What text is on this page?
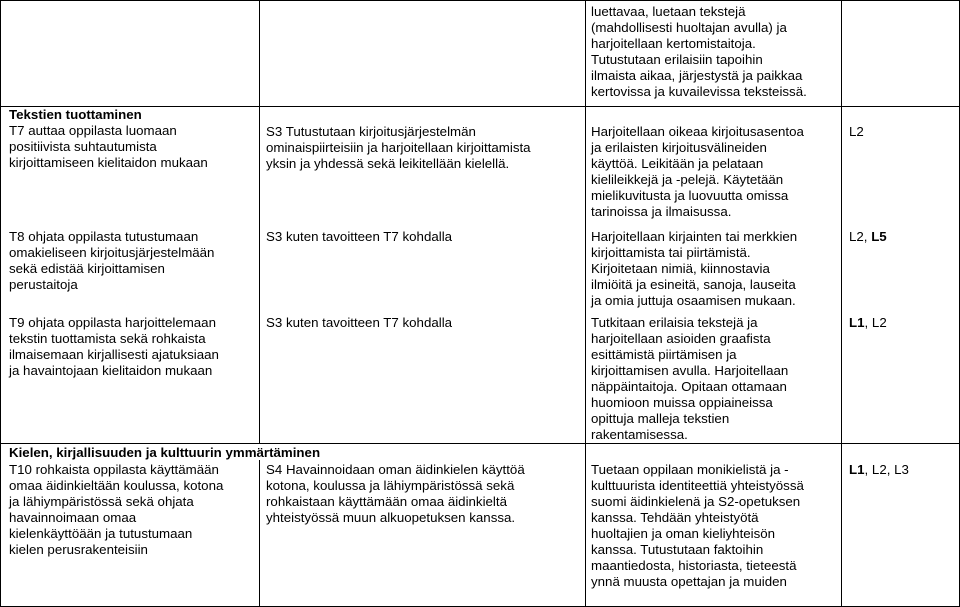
luettavaa, luetaan tekstejä
(mahdollisesti huoltajan avulla) ja
harjoitellaan kertomistaitoja.
Tutustutaan erilaisiin tapoihin
ilmaista aikaa, järjestystä ja paikkaa
kertovissa ja kuvailevissa teksteissä.
Tekstien tuottaminen
T7 auttaa oppilasta luomaan
positiivista suhtautumista
kirjoittamiseen kielitaidon mukaan
S3 Tutustutaan kirjoitusjärjestelmän
ominaispiirteisiin ja harjoitellaan kirjoittamista
yksin ja yhdessä sekä leikitellään kielellä.
Harjoitellaan oikeaa kirjoitusasentoa
ja erilaisten kirjoitusvälineiden
käyttöä. Leikitään ja pelataan
kielileikkejä ja -pelejä. Käytetään
mielikuvitusta ja luovuutta omissa
tarinoissa ja ilmaisussa.
L2
T8 ohjata oppilasta tutustumaan
omakieliseen kirjoitusjärjestelmään
sekä edistää kirjoittamisen
perustaitoja
S3 kuten tavoitteen T7 kohdalla	Harjoitellaan kirjainten tai merkkien
kirjoittamista tai piirtämistä.
Kirjoitetaan nimiä, kiinnostavia
ilmiöitä ja esineitä, sanoja, lauseita
ja omia juttuja osaamisen mukaan.
L2, L5
T9 ohjata oppilasta harjoittelemaan
tekstin tuottamista sekä rohkaista
ilmaisemaan kirjallisesti ajatuksiaan
ja havaintojaan kielitaidon mukaan
S3 kuten tavoitteen T7 kohdalla	Tutkitaan erilaisia tekstejä ja
harjoitellaan asioiden graafista
esittämistä piirtämisen ja
kirjoittamisen avulla. Harjoitellaan
näppäintaitoja. Opitaan ottamaan
huomioon muissa oppiaineissa
opittuja malleja tekstien
rakentamisessa.
L1, L2
Kielen, kirjallisuuden ja kulttuurin ymmärtäminen
T10 rohkaista oppilasta käyttämään
omaa äidinkieltään koulussa, kotona
ja lähiympäristössä sekä ohjata
havainnoimaan omaa
kielenkäyttöään ja tutustumaan
kielen perusrakenteisiin
S4 Havainnoidaan oman äidinkielen käyttöä
kotona, koulussa ja lähiympäristössä sekä
rohkaistaan käyttämään omaa äidinkieltä
yhteistyössä muun alkuopetuksen kanssa.
Tuetaan oppilaan monikielistä ja -
kulttuurista identiteettiä yhteistyössä
suomi äidinkielenä ja S2-opetuksen
kanssa. Tehdään yhteistyötä
huoltajien ja oman kieliyhteisön
kanssa. Tutustutaan faktoihin
maantiedosta, historiasta, tieteestä
ynnä muusta opettajan ja muiden
L1, L2, L3
